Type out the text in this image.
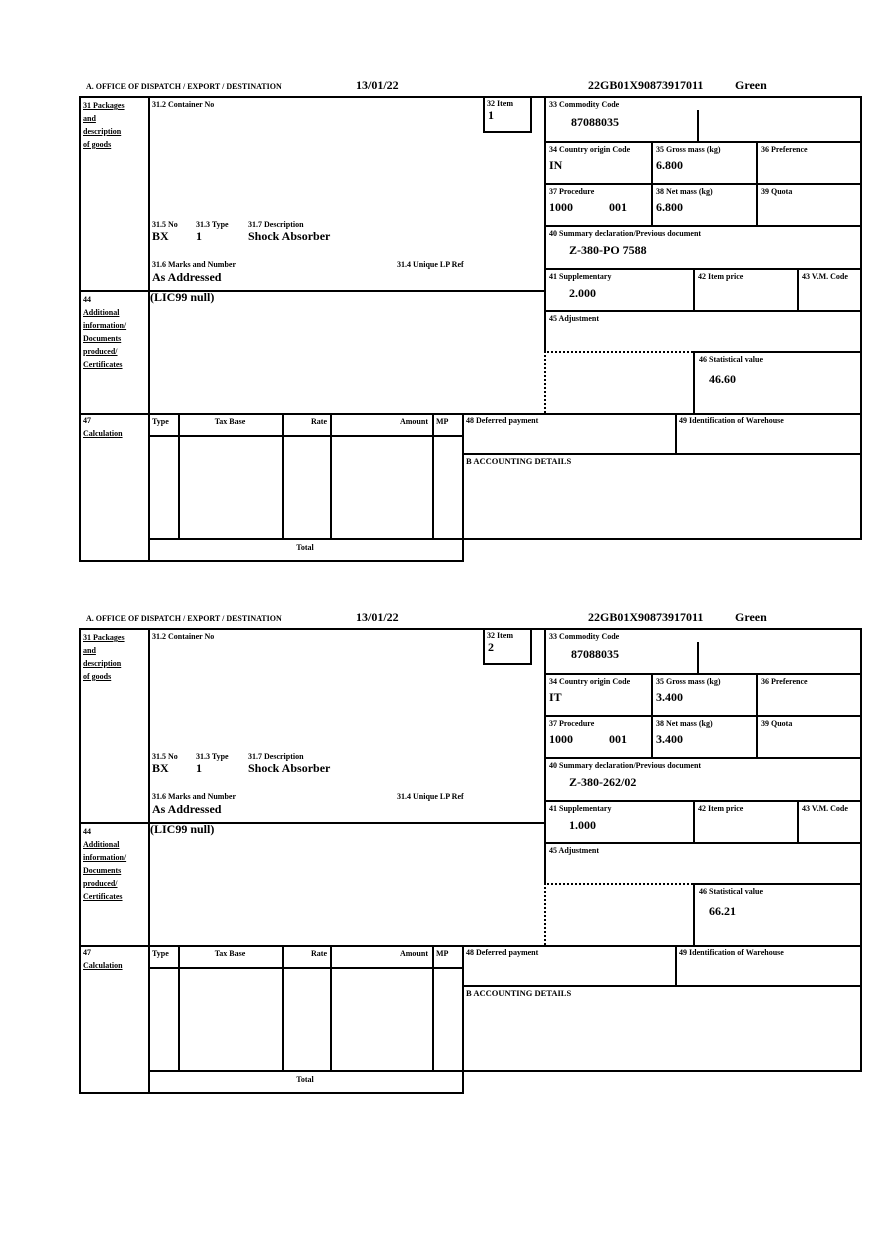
A. OFFICE OF DISPATCH / EXPORT / DESTINATION	13/01/22	22GB01X90873917011	Green
31 Packages
and
description
of goods
31.2 Container No	32 Item
1
33 Commodity Code
87088035
34 Country origin Code
IN
35 Gross mass (kg)
6.800
36 Preference
37 Procedure
1000	001
38 Net mass (kg)
6.800
39 Quota
31.5 No 31.3 Type 31.7 Description
BX 1	Shock Absorber
31.6 Marks and Number	31.4 Unique LP Ref
As Addressed
40 Summary declaration/Previous document
Z-380-PO 7588
41 Supplementary
2.000
42 Item price	43 V.M. Code
44
Additional
information/
Documents
produced/
Certificates
(LIC99 null)
45 Adjustment
46 Statistical value
46.60
47
Calculation
Type	Tax Base	Rate	Amount MP
Total
48 Deferred payment	49 Identification of Warehouse
B ACCOUNTING DETAILS
A. OFFICE OF DISPATCH / EXPORT / DESTINATION	13/01/22	22GB01X90873917011	Green
31 Packages
and
description
of goods
31.2 Container No	32 Item
2
33 Commodity Code
87088035
34 Country origin Code
IT
35 Gross mass (kg)
3.400
36 Preference
37 Procedure
1000	001
38 Net mass (kg)
3.400
39 Quota
31.5 No 31.3 Type 31.7 Description
BX 1	Shock Absorber
31.6 Marks and Number	31.4 Unique LP Ref
As Addressed
40 Summary declaration/Previous document
Z-380-262/02
41 Supplementary
1.000
42 Item price	43 V.M. Code
44
Additional
information/
Documents
produced/
Certificates
(LIC99 null)
45 Adjustment
46 Statistical value
66.21
47
Calculation
Type	Tax Base	Rate	Amount MP
Total
48 Deferred payment	49 Identification of Warehouse
B ACCOUNTING DETAILS
